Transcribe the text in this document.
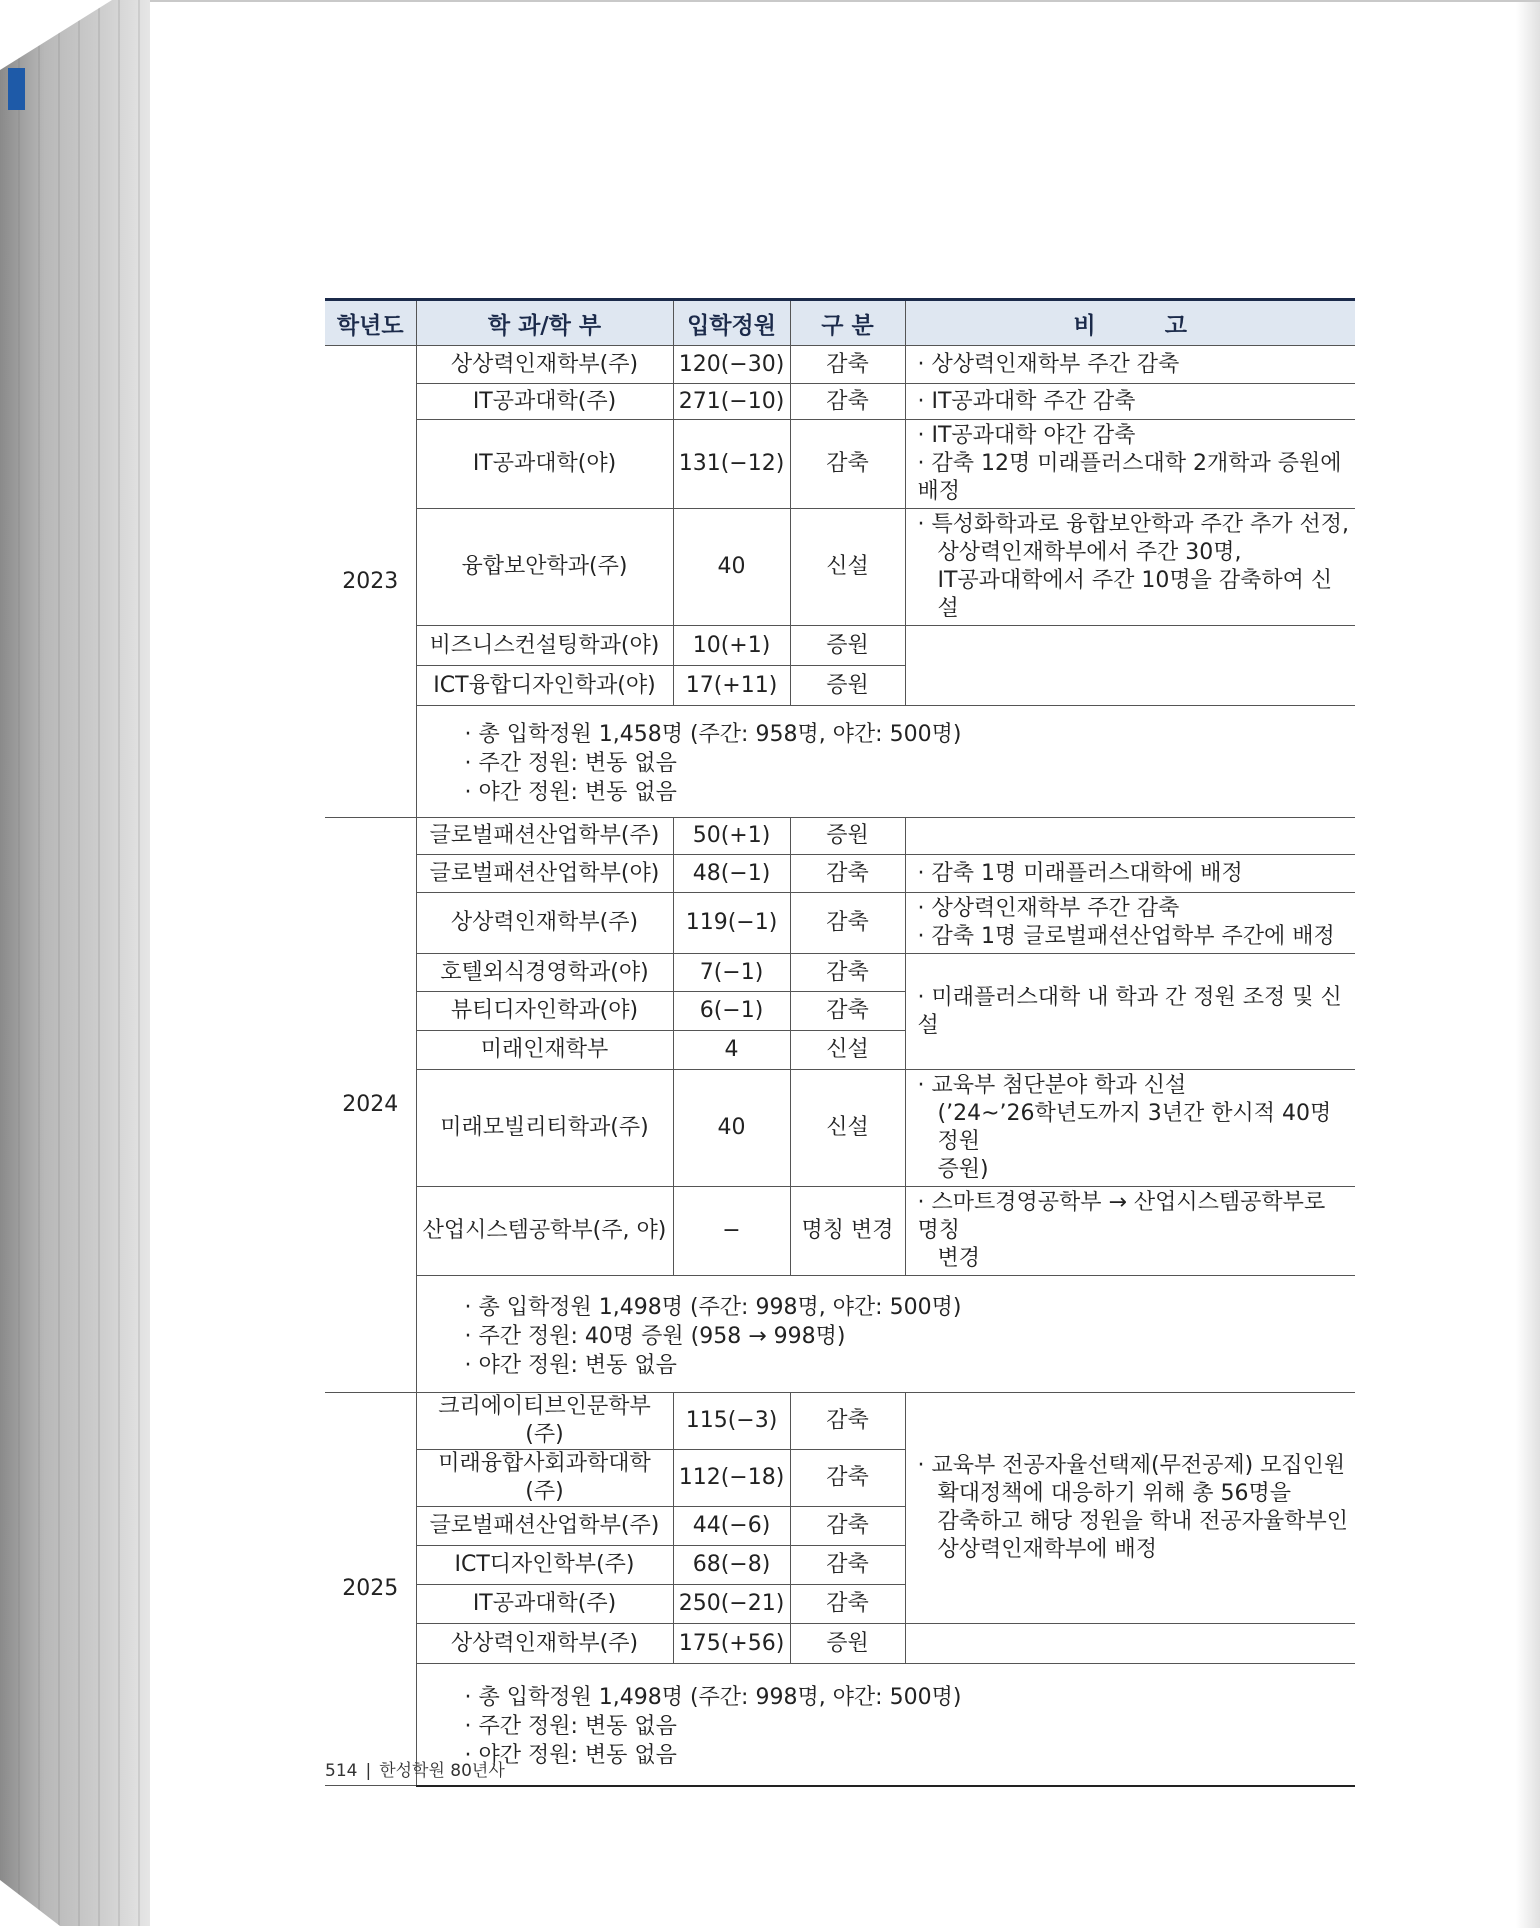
학년도	학 과/학 부	입학정원	구 분	비　　　고
2023	상상력인재학부(주)	120(−30)	감축	· 상상력인재학부 주간 감축

	IT공과대학(주)	271(−10)	감축	· IT공과대학 주간 감축

	IT공과대학(야)	131(−12)	감축	· IT공과대학 야간 감축
· 감축 12명 미래플러스대학 2개학과 증원에 배정

	융합보안학과(주)	40	신설	· 특성화학과로 융합보안학과 주간 추가 선정,
상상력인재학부에서 주간 30명,
IT공과대학에서 주간 10명을 감축하여 신설

	비즈니스컨설팅학과(야)	10(+1)	증원	
	ICT융합디자인학과(야)	17(+11)	증원	

	· 총 입학정원 1,458명 (주간: 958명, 야간: 500명)
· 주간 정원: 변동 없음
· 야간 정원: 변동 없음			

2024	글로벌패션산업학부(주)	50(+1)	증원	
	글로벌패션산업학부(야)	48(−1)	감축	· 감축 1명 미래플러스대학에 배정

	상상력인재학부(주)	119(−1)	감축	· 상상력인재학부 주간 감축
· 감축 1명 글로벌패션산업학부 주간에 배정

	호텔외식경영학과(야)	7(−1)	감축	· 미래플러스대학 내 학과 간 정원 조정 및 신설

	뷰티디자인학과(야)	6(−1)	감축	
	미래인재학부	4	신설	
	미래모빌리티학과(주)	40	신설	· 교육부 첨단분야 학과 신설
(’24~’26학년도까지 3년간 한시적 40명 정원
증원)

	산업시스템공학부(주, 야)	−	명칭 변경	· 스마트경영공학부 → 산업시스템공학부로 명칭
변경

	· 총 입학정원 1,498명 (주간: 998명, 야간: 500명)
· 주간 정원: 40명 증원 (958 → 998명)
· 야간 정원: 변동 없음			

2025	크리에이티브인문학부(주)	115(−3)	감축	· 교육부 전공자율선택제(무전공제) 모집인원
확대정책에 대응하기 위해 총 56명을
감축하고 해당 정원을 학내 전공자율학부인
상상력인재학부에 배정

	미래융합사회과학대학(주)	112(−18)	감축	
	글로벌패션산업학부(주)	44(−6)	감축	
	ICT디자인학부(주)	68(−8)	감축	
	IT공과대학(주)	250(−21)	감축	
	상상력인재학부(주)	175(+56)	증원	

	· 총 입학정원 1,498명 (주간: 998명, 야간: 500명)
· 주간 정원: 변동 없음
· 야간 정원: 변동 없음			
514 | 한성학원 80년사
